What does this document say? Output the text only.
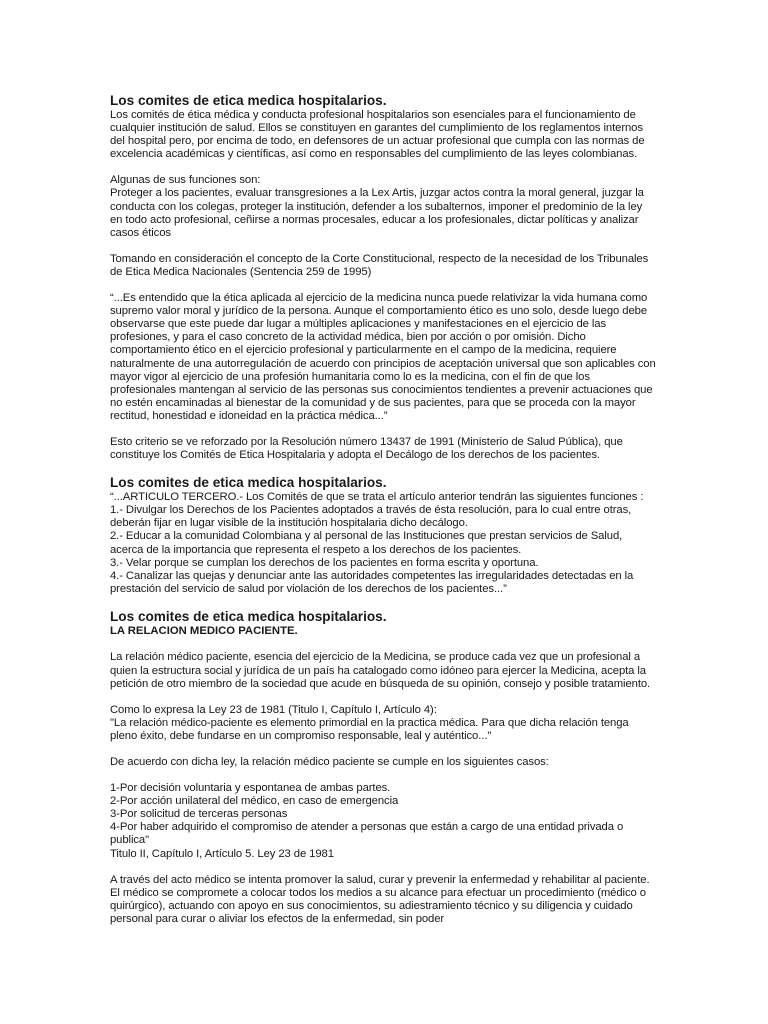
Los comites de etica medica hospitalarios.

Los comités de ética médica y conducta profesional hospitalarios son esenciales para el funcionamiento de cualquier institución de salud. Ellos se constituyen en garantes del cumplimiento de los reglamentos internos del hospital pero, por encima de todo, en defensores de un actuar profesional que cumpla con las normas de excelencia académicas y científicas, así como en responsables del cumplimiento de las leyes colombianas.

Algunas de sus funciones son:

Proteger a los pacientes, evaluar transgresiones a la Lex Artis, juzgar actos contra la moral general, juzgar la conducta con los colegas, proteger la institución, defender a los subalternos, imponer el predominio de la ley en todo acto profesional, ceñirse a normas procesales, educar a los profesionales, dictar políticas y analizar casos éticos

Tomando en consideración el concepto de la Corte Constitucional, respecto de la necesidad de los Tribunales de Etica Medica Nacionales (Sentencia 259 de 1995)

“...Es entendido que la ética aplicada al ejercicio de la medicina nunca puede relativizar la vida humana como supremo valor moral y jurídico de la persona. Aunque el comportamiento ético es uno solo, desde luego debe observarse que este puede dar lugar a múltiples aplicaciones y manifestaciones en el ejercicio de las profesiones, y para el caso concreto de la actividad médica, bien por acción o por omisión. Dicho comportamiento ético en el ejercicio profesional y particularmente en el campo de la medicina, requiere naturalmente de una autorregulación de acuerdo con principios de aceptación universal que son aplicables con mayor vigor al ejercicio de una profesión humanitaria como lo es la medicina, con el fin de que los profesionales mantengan al servicio de las personas sus conocimientos tendientes a prevenir actuaciones que no estén encaminadas al bienestar de la comunidad y de sus pacientes, para que se proceda con la mayor rectitud, honestidad e idoneidad en la práctica médica...”

Esto criterio se ve reforzado por la Resolución número 13437 de 1991 (Ministerio de Salud Pública), que constituye los Comités de Etica Hospitalaria y adopta el Decálogo de los derechos de los pacientes.

Los comites de etica medica hospitalarios.

“...ARTICULO TERCERO.- Los Comités de que se trata el artículo anterior tendrán las siguientes funciones :

1.- Divulgar los Derechos de los Pacientes adoptados a través de ésta resolución, para lo cual entre otras, deberán fijar en lugar visible de la institución hospitalaria dicho decálogo.

2.- Educar a la comunidad Colombiana y al personal de las Instituciones que prestan servicios de Salud, acerca de la importancia que representa el respeto a los derechos de los pacientes.

3.- Velar porque se cumplan los derechos de los pacientes en forma escrita y oportuna.

4.- Canalizar las quejas y denunciar ante las autoridades competentes las irregularidades detectadas en la prestación del servicio de salud por violación de los derechos de los pacientes...”

Los comites de etica medica hospitalarios.
LA RELACION MEDICO PACIENTE.

La relación médico paciente, esencia del ejercicio de la Medicina, se produce cada vez que un profesional a quien la estructura social y jurídica de un país ha catalogado como idóneo para ejercer la Medicina, acepta la petición de otro miembro de la sociedad que acude en búsqueda de su opinión, consejo y posible tratamiento.

Como lo expresa la Ley 23 de 1981 (Titulo I, Capítulo I, Artículo 4):

"La relación médico-paciente es elemento primordial en la practica médica. Para que dicha relación tenga pleno éxito, debe fundarse en un compromiso responsable, leal y auténtico..."

De acuerdo con dicha ley, la relación médico paciente se cumple en los siguientes casos:

1-Por decisión voluntaria y espontanea de ambas partes.

2-Por acción unilateral del médico, en caso de emergencia

3-Por solicitud de terceras personas

4-Por haber adquirido el compromiso de atender a personas que están a cargo de una entidad privada o publica"

Titulo II, Capítulo I, Artículo 5. Ley 23 de 1981

A través del acto médico se intenta promover la salud, curar y prevenir la enfermedad y rehabilitar al paciente. El médico se compromete a colocar todos los medios a su alcance para efectuar un procedimiento (médico o quirúrgico), actuando con apoyo en sus conocimientos, su adiestramiento técnico y su diligencia y cuidado personal para curar o aliviar los efectos de la enfermedad, sin poder
